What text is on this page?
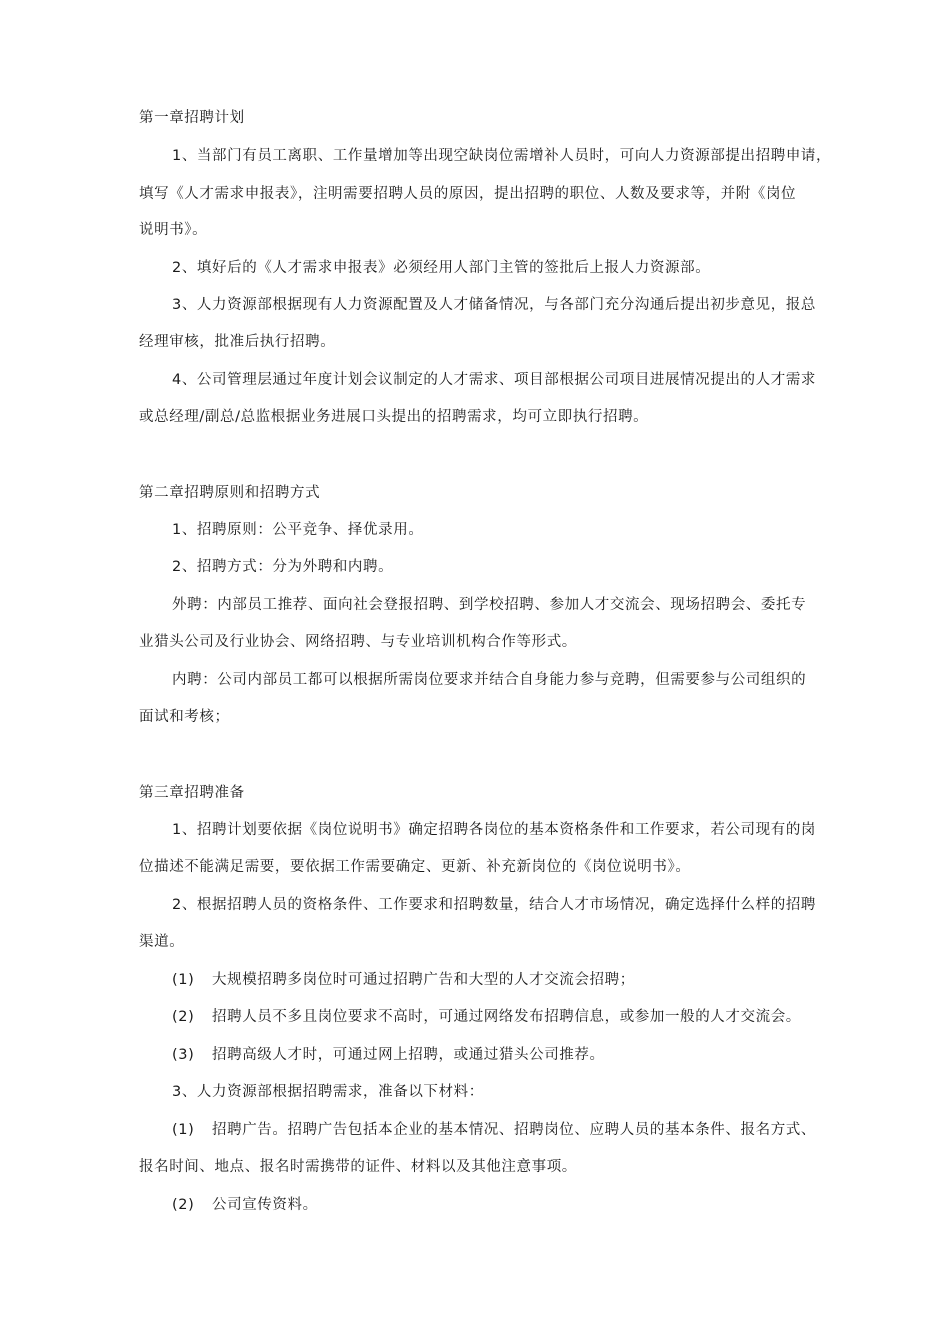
第一章招聘计划
1、当部门有员工离职、工作量增加等出现空缺岗位需增补人员时，可向人力资源部提出招聘申请，
填写《人才需求申报表》，注明需要招聘人员的原因，提出招聘的职位、人数及要求等，并附《岗位
说明书》。
2、填好后的《人才需求申报表》必须经用人部门主管的签批后上报人力资源部。
3、人力资源部根据现有人力资源配置及人才储备情况，与各部门充分沟通后提出初步意见，报总
经理审核，批准后执行招聘。
4、公司管理层通过年度计划会议制定的人才需求、项目部根据公司项目进展情况提出的人才需求
或总经理/副总/总监根据业务进展口头提出的招聘需求，均可立即执行招聘。
第二章招聘原则和招聘方式
1、招聘原则：公平竞争、择优录用。
2、招聘方式：分为外聘和内聘。
外聘：内部员工推荐、面向社会登报招聘、到学校招聘、参加人才交流会、现场招聘会、委托专
业猎头公司及行业协会、网络招聘、与专业培训机构合作等形式。
内聘：公司内部员工都可以根据所需岗位要求并结合自身能力参与竞聘，但需要参与公司组织的
面试和考核；
第三章招聘准备
1、招聘计划要依据《岗位说明书》确定招聘各岗位的基本资格条件和工作要求，若公司现有的岗
位描述不能满足需要，要依据工作需要确定、更新、补充新岗位的《岗位说明书》。
2、根据招聘人员的资格条件、工作要求和招聘数量，结合人才市场情况，确定选择什么样的招聘
渠道。
(1) 大规模招聘多岗位时可通过招聘广告和大型的人才交流会招聘；
(2) 招聘人员不多且岗位要求不高时，可通过网络发布招聘信息，或参加一般的人才交流会。
(3) 招聘高级人才时，可通过网上招聘，或通过猎头公司推荐。
3、人力资源部根据招聘需求，准备以下材料：
(1) 招聘广告。招聘广告包括本企业的基本情况、招聘岗位、应聘人员的基本条件、报名方式、
报名时间、地点、报名时需携带的证件、材料以及其他注意事项。
(2) 公司宣传资料。
